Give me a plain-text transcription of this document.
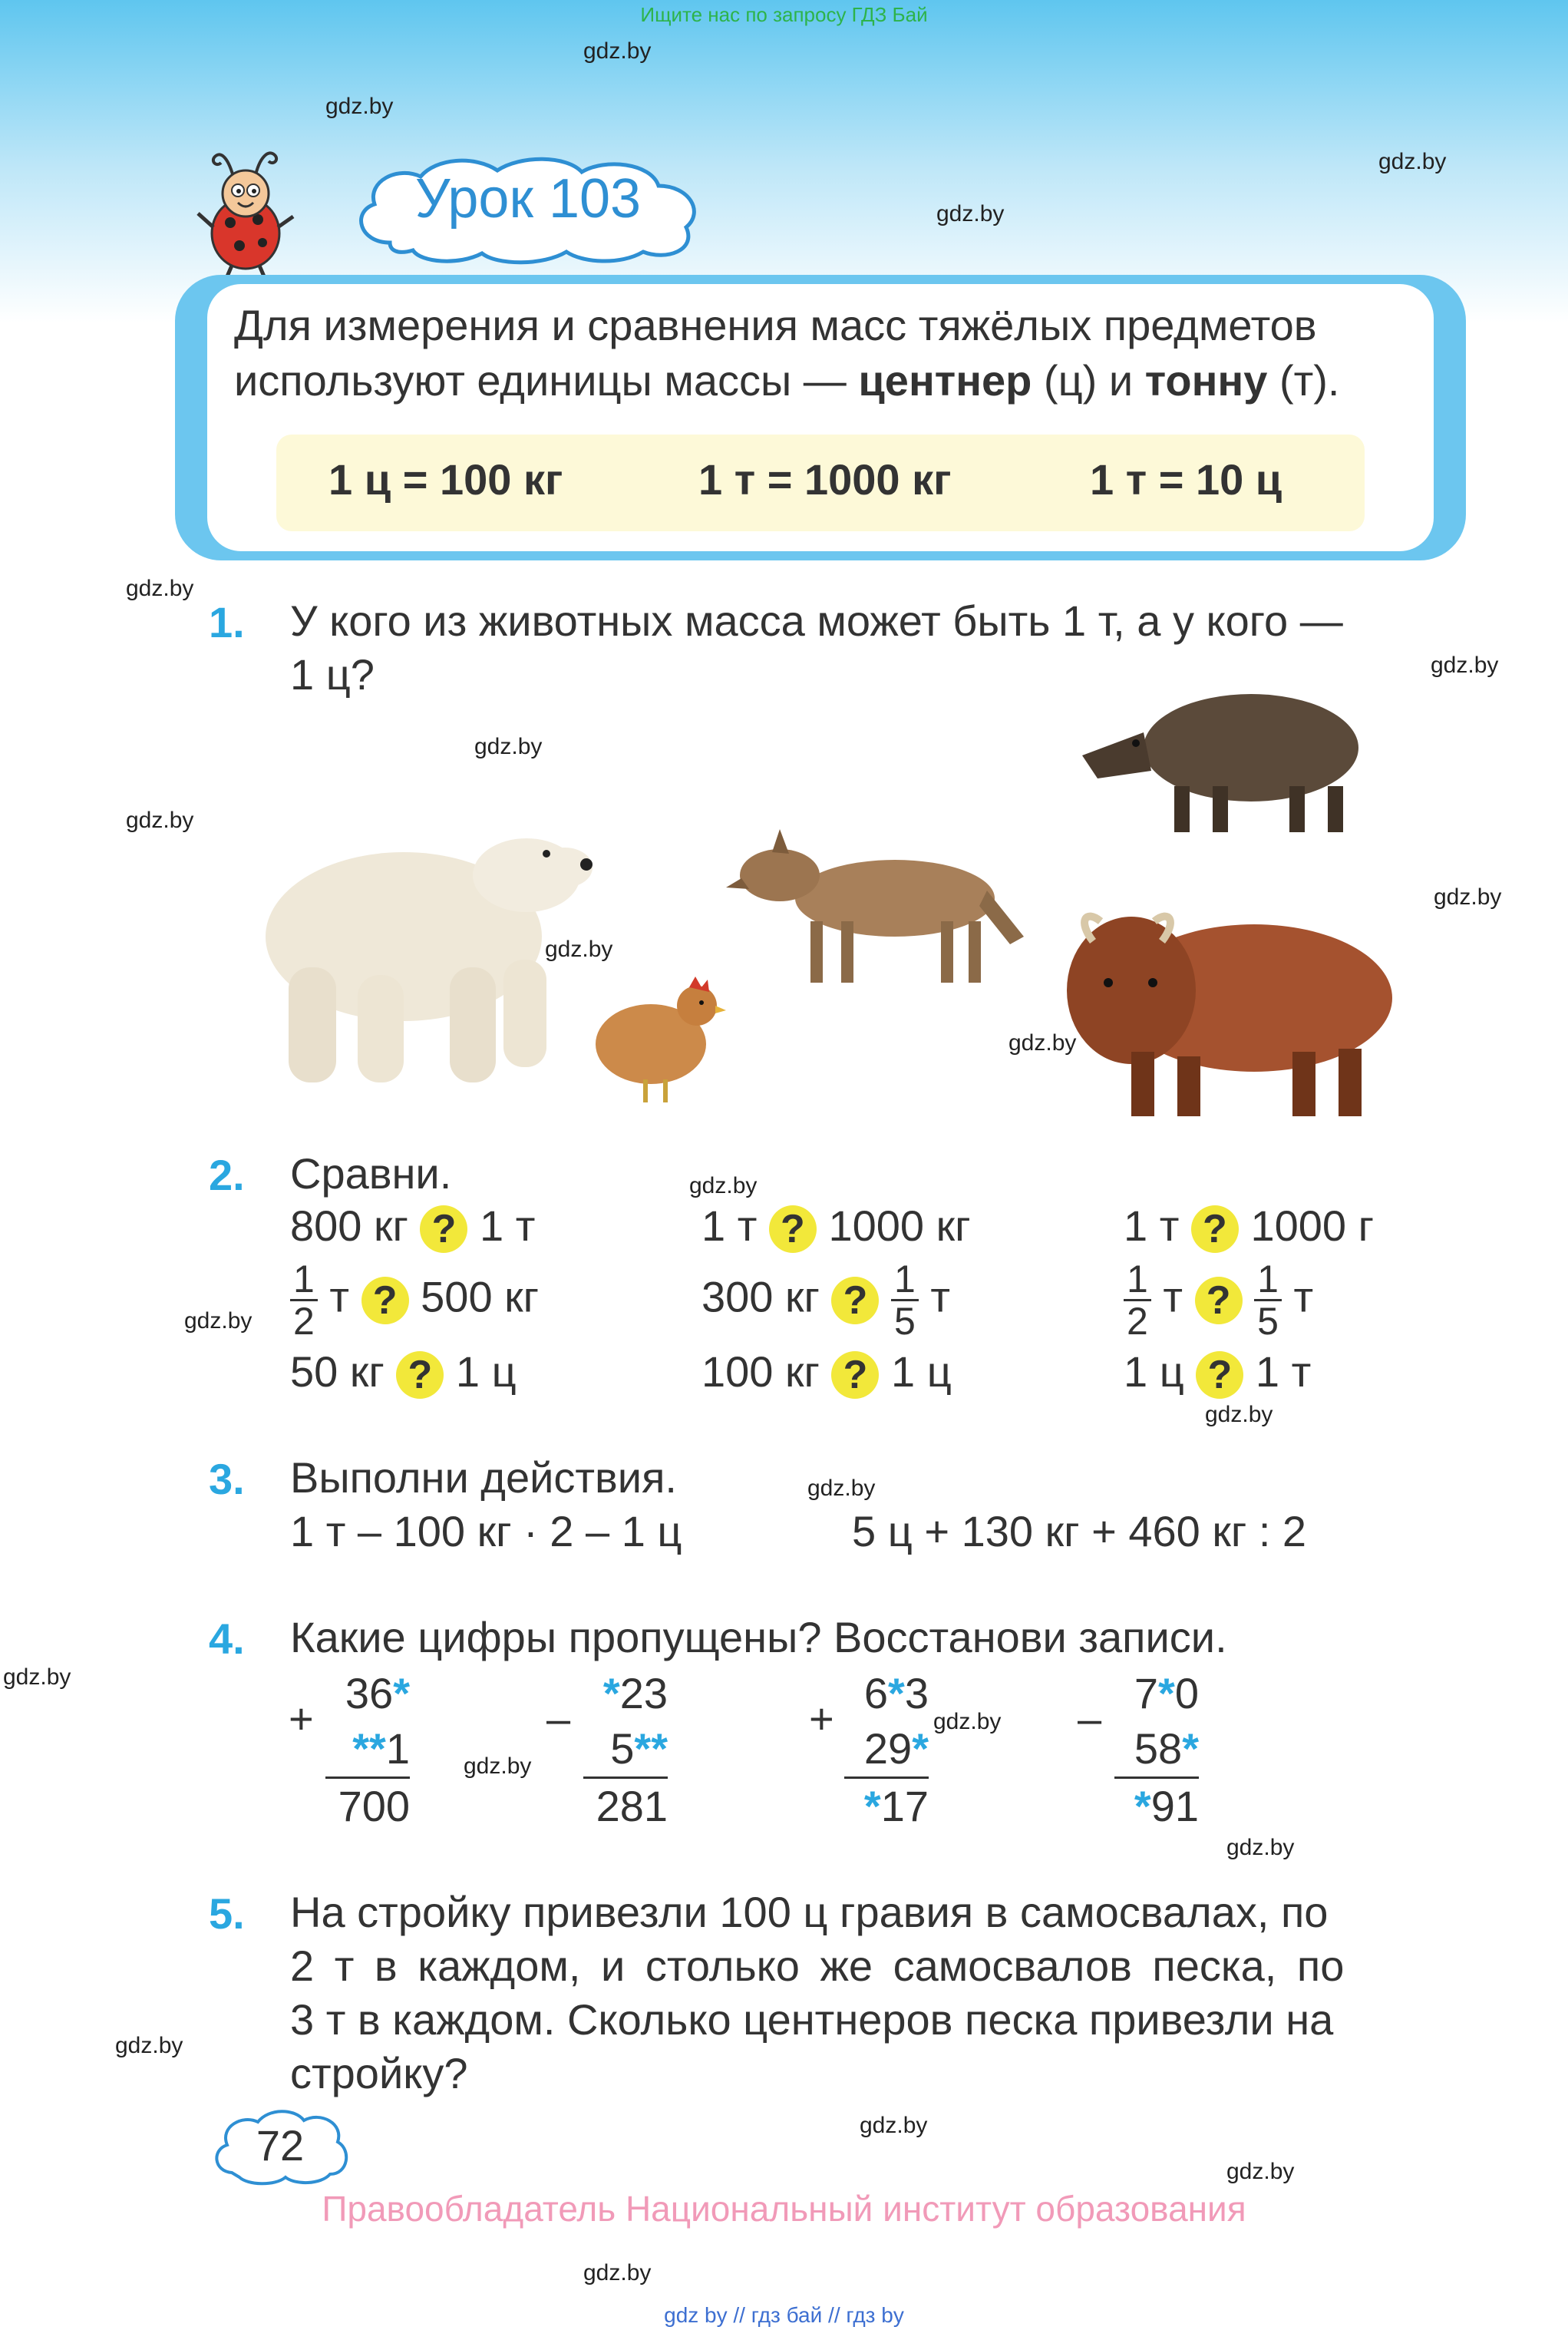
Ищите нас по запросу ГДЗ Бай
gdz.by
gdz.by
gdz.by
gdz.by
gdz.by
gdz.by
gdz.by
gdz.by
gdz.by
gdz.by
gdz.by
gdz.by
gdz.by
gdz.by
gdz.by
gdz.by
gdz.by
gdz.by
gdz.by
gdz.by
gdz.by
gdz.by
gdz.by
Урок 103
Для измерения и сравнения масс тяжёлых предметов
используют единицы массы — центнер (ц) и тонну (т).
1 ц = 100 кг	1 т = 1000 кг	1 т = 10 ц
1. У кого из животных масса может быть 1 т, а у кого —
1 ц?
2. Сравни.
800 кг ? 1 т	1 т ? 1000 кг	1 т ? 1000 г
$\frac{1}{2}$ т ? 500 кг	300 кг ? $\frac{1}{5}$ т	$\frac{1}{2}$ т ? $\frac{1}{5}$ т
50 кг ? 1 ц	100 кг ? 1 ц	1 ц ? 1 т
3. Выполни действия.
1 т – 100 кг · 2 – 1 ц	5 ц + 130 кг + 460 кг : 2
4. Какие цифры пропущены? Восстанови записи.
+
36*
**1
700
–
*23
5**
281
+
6*3
29*
*17
–
7*0
58*
*91
5. На стройку привезли 100 ц гравия в самосвалах, по
2 т в каждом, и столько же самосвалов песка, по
3 т в каждом. Сколько центнеров песка привезли на
стройку?
72
Правообладатель Национальный институт образования
gdz by // гдз бай // гдз by
